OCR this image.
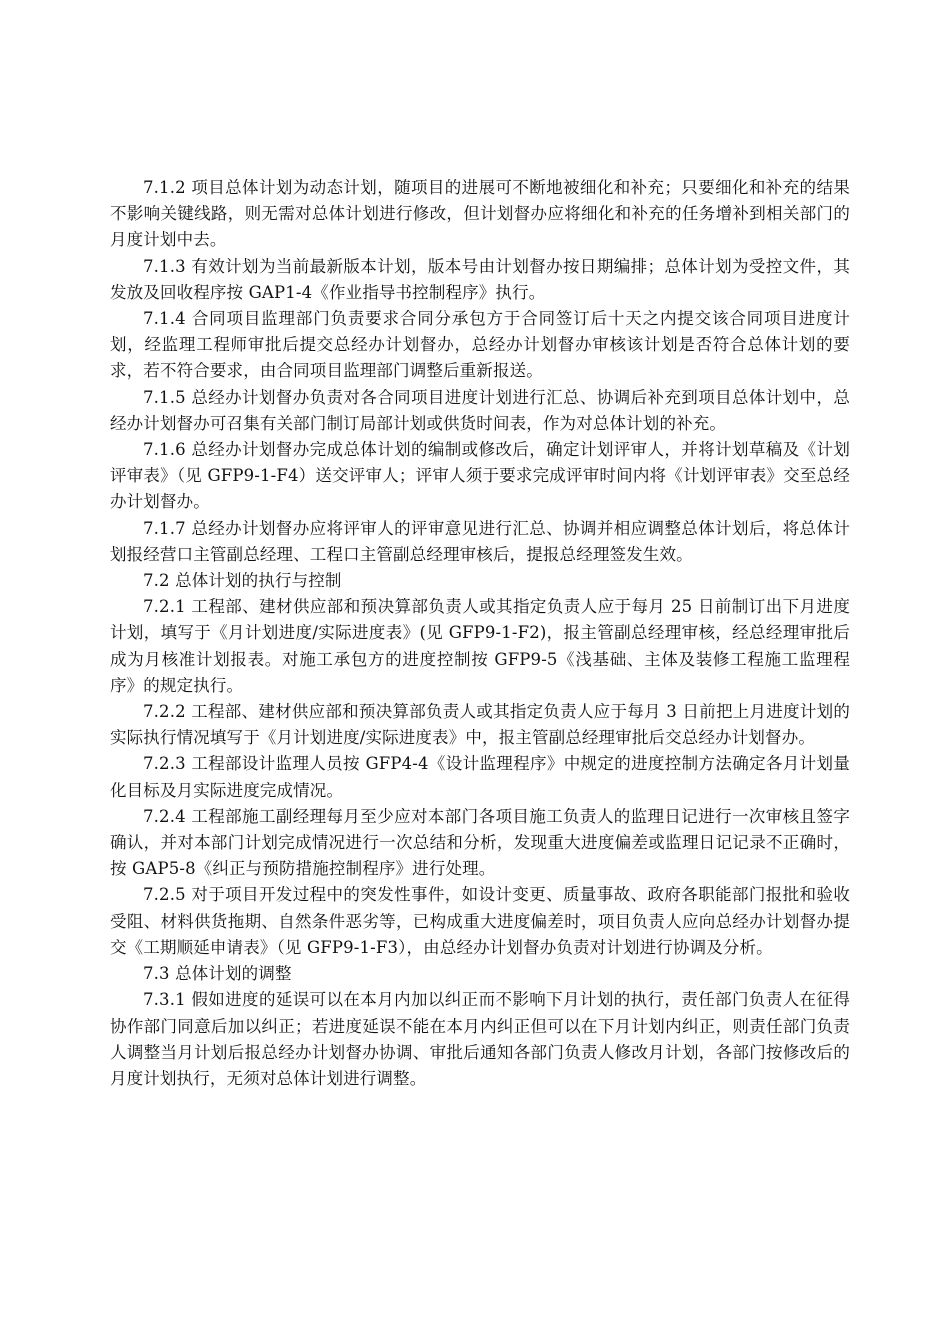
7.1.2 项目总体计划为动态计划，随项目的进展可不断地被细化和补充；只要细化和补充的结果不影响关键线路，则无需对总体计划进行修改，但计划督办应将细化和补充的任务增补到相关部门的月度计划中去。

7.1.3 有效计划为当前最新版本计划，版本号由计划督办按日期编排；总体计划为受控文件，其发放及回收程序按 GAP1-4《作业指导书控制程序》执行。

7.1.4 合同项目监理部门负责要求合同分承包方于合同签订后十天之内提交该合同项目进度计划，经监理工程师审批后提交总经办计划督办，总经办计划督办审核该计划是否符合总体计划的要求，若不符合要求，由合同项目监理部门调整后重新报送。

7.1.5 总经办计划督办负责对各合同项目进度计划进行汇总、协调后补充到项目总体计划中，总经办计划督办可召集有关部门制订局部计划或供货时间表，作为对总体计划的补充。

7.1.6 总经办计划督办完成总体计划的编制或修改后，确定计划评审人，并将计划草稿及《计划评审表》（见 GFP9-1-F4）送交评审人；评审人须于要求完成评审时间内将《计划评审表》交至总经办计划督办。

7.1.7 总经办计划督办应将评审人的评审意见进行汇总、协调并相应调整总体计划后，将总体计划报经营口主管副总经理、工程口主管副总经理审核后，提报总经理签发生效。

7.2 总体计划的执行与控制

7.2.1 工程部、建材供应部和预决算部负责人或其指定负责人应于每月 25 日前制订出下月进度计划，填写于《月计划进度/实际进度表》(见 GFP9-1-F2)，报主管副总经理审核，经总经理审批后成为月核准计划报表。对施工承包方的进度控制按 GFP9-5《浅基础、主体及装修工程施工监理程序》的规定执行。

7.2.2 工程部、建材供应部和预决算部负责人或其指定负责人应于每月 3 日前把上月进度计划的实际执行情况填写于《月计划进度/实际进度表》中，报主管副总经理审批后交总经办计划督办。

7.2.3 工程部设计监理人员按 GFP4-4《设计监理程序》中规定的进度控制方法确定各月计划量化目标及月实际进度完成情况。

7.2.4 工程部施工副经理每月至少应对本部门各项目施工负责人的监理日记进行一次审核且签字确认，并对本部门计划完成情况进行一次总结和分析，发现重大进度偏差或监理日记记录不正确时，按 GAP5-8《纠正与预防措施控制程序》进行处理。

7.2.5 对于项目开发过程中的突发性事件，如设计变更、质量事故、政府各职能部门报批和验收受阻、材料供货拖期、自然条件恶劣等，已构成重大进度偏差时，项目负责人应向总经办计划督办提交《工期顺延申请表》（见 GFP9-1-F3），由总经办计划督办负责对计划进行协调及分析。

7.3 总体计划的调整

7.3.1 假如进度的延误可以在本月内加以纠正而不影响下月计划的执行，责任部门负责人在征得协作部门同意后加以纠正；若进度延误不能在本月内纠正但可以在下月计划内纠正，则责任部门负责人调整当月计划后报总经办计划督办协调、审批后通知各部门负责人修改月计划，各部门按修改后的月度计划执行，无须对总体计划进行调整。
